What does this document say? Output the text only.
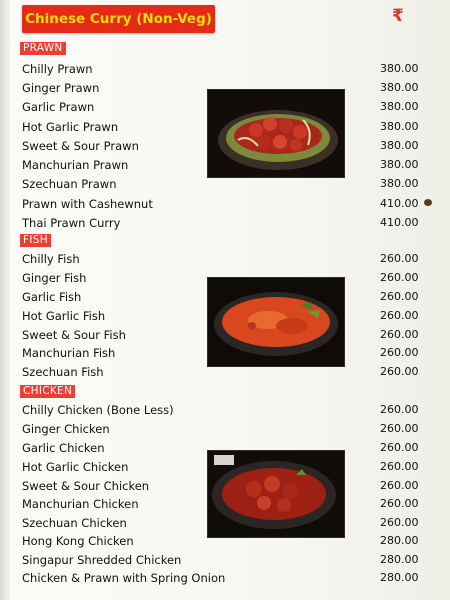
Chinese Curry (Non-Veg)	₹
PRAWN
Chilly Prawn	380.00
Ginger Prawn	380.00
Garlic Prawn	380.00
Hot Garlic Prawn	380.00
Sweet & Sour Prawn	380.00
Manchurian Prawn	380.00
Szechuan Prawn	380.00
Prawn with Cashewnut	410.00
Thai Prawn Curry	410.00
FISH
Chilly Fish	260.00
Ginger Fish	260.00
Garlic Fish	260.00
Hot Garlic Fish	260.00
Sweet & Sour Fish	260.00
Manchurian Fish	260.00
Szechuan Fish	260.00
CHICKEN
Chilly Chicken (Bone Less)	260.00
Ginger Chicken	260.00
Garlic Chicken	260.00
Hot Garlic Chicken	260.00
Sweet & Sour Chicken	260.00
Manchurian Chicken	260.00
Szechuan Chicken	260.00
Hong Kong Chicken	280.00
Singapur Shredded Chicken	280.00
Chicken & Prawn with Spring Onion	280.00
